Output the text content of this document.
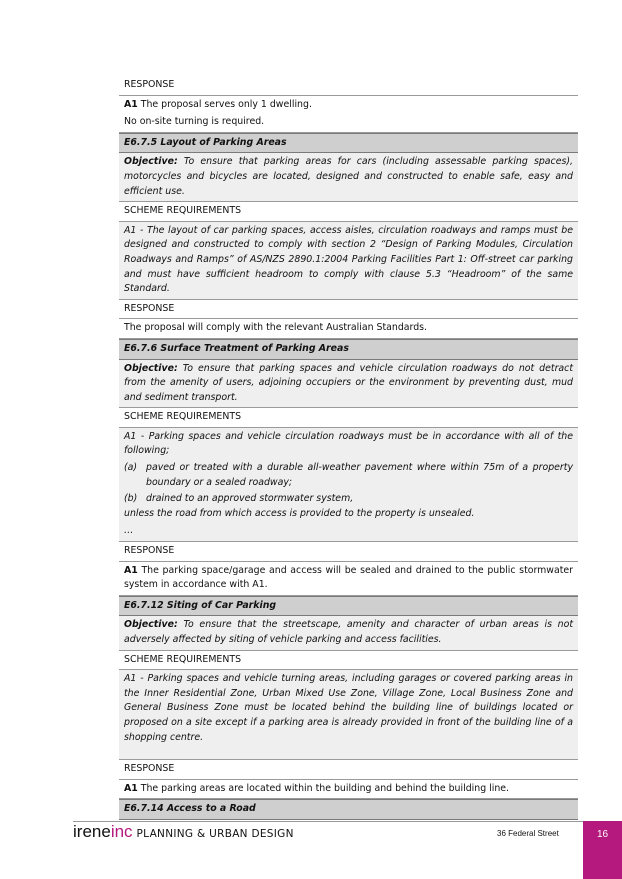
RESPONSE

A1 The proposal serves only 1 dwelling.

No on-site turning is required.

E6.7.5 Layout of Parking Areas
Objective: To ensure that parking areas for cars (including assessable parking spaces), motorcycles and bicycles are located, designed and constructed to enable safe, easy and efficient use.
SCHEME REQUIREMENTS
A1 - The layout of car parking spaces, access aisles, circulation roadways and ramps must be designed and constructed to comply with section 2 “Design of Parking Modules, Circulation Roadways and Ramps” of AS/NZS 2890.1:2004 Parking Facilities Part 1: Off-street car parking and must have sufficient headroom to comply with clause 5.3 “Headroom” of the same Standard.
RESPONSE
The proposal will comply with the relevant Australian Standards.
E6.7.6 Surface Treatment of Parking Areas
Objective: To ensure that parking spaces and vehicle circulation roadways do not detract from the amenity of users, adjoining occupiers or the environment by preventing dust, mud and sediment transport.
SCHEME REQUIREMENTS

A1 - Parking spaces and vehicle circulation roadways must be in accordance with all of the following;

(a) paved or treated with a durable all-weather pavement where within 75m of a property boundary or a sealed roadway;
(b) drained to an approved stormwater system,

unless the road from which access is provided to the property is unsealed.

…

RESPONSE
A1 The parking space/garage and access will be sealed and drained to the public stormwater system in accordance with A1.
E6.7.12 Siting of Car Parking
Objective: To ensure that the streetscape, amenity and character of urban areas is not adversely affected by siting of vehicle parking and access facilities.
SCHEME REQUIREMENTS
A1 - Parking spaces and vehicle turning areas, including garages or covered parking areas in the Inner Residential Zone, Urban Mixed Use Zone, Village Zone, Local Business Zone and General Business Zone must be located behind the building line of buildings located or proposed on a site except if a parking area is already provided in front of the building line of a shopping centre.
RESPONSE
A1 The parking areas are located within the building and behind the building line.
E6.7.14 Access to a Road
ireneinc PLANNING & URBAN DESIGN	36 Federal Street	16
